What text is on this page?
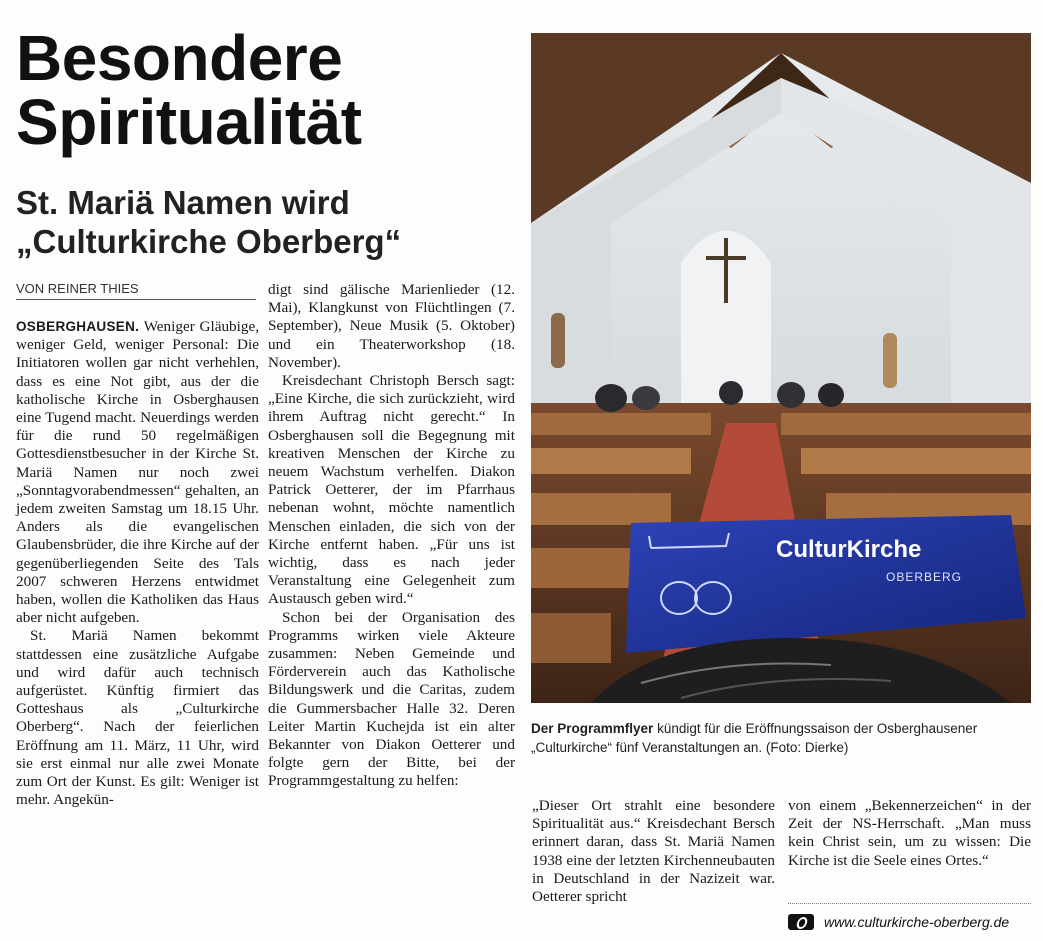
Besondere
Spiritualität
St. Mariä Namen wird
„Culturkirche Oberberg“
VON REINER THIES

OSBERGHAUSEN. Weniger Gläubige, weniger Geld, weniger Personal: Die Initiatoren wollen gar nicht verhehlen, dass es eine Not gibt, aus der die katholische Kirche in Osberghausen eine Tugend macht. Neuerdings werden für die rund 50 regelmäßigen Gottesdienstbesucher in der Kirche St. Mariä Namen nur noch zwei „Sonntagvorabendmessen“ gehalten, an jedem zweiten Samstag um 18.15 Uhr. Anders als die evangelischen Glaubensbrüder, die ihre Kirche auf der gegenüberliegenden Seite des Tals 2007 schweren Herzens entwidmet haben, wollen die Katholiken das Haus aber nicht aufgeben.

St. Mariä Namen bekommt stattdessen eine zusätzliche Aufgabe und wird dafür auch technisch aufgerüstet. Künftig firmiert das Gotteshaus als „Culturkirche Oberberg“. Nach der feierlichen Eröffnung am 11. März, 11 Uhr, wird sie erst einmal nur alle zwei Monate zum Ort der Kunst. Es gilt: Weniger ist mehr. Angekün-

digt sind gälische Marienlieder (12. Mai), Klangkunst von Flüchtlingen (7. September), Neue Musik (5. Oktober) und ein Theaterworkshop (18. November).

Kreisdechant Christoph Bersch sagt: „Eine Kirche, die sich zurückzieht, wird ihrem Auftrag nicht gerecht.“ In Osberghausen soll die Begegnung mit kreativen Menschen der Kirche zu neuem Wachstum verhelfen. Diakon Patrick Oetterer, der im Pfarrhaus nebenan wohnt, möchte namentlich Menschen einladen, die sich von der Kirche entfernt haben. „Für uns ist wichtig, dass es nach jeder Veranstaltung eine Gelegenheit zum Austausch geben wird.“

Schon bei der Organisation des Programms wirken viele Akteure zusammen: Neben Gemeinde und Förderverein auch das Katholische Bildungswerk und die Caritas, zudem die Gummersbacher Halle 32. Deren Leiter Martin Kuchejda ist ein alter Bekannter von Diakon Oetterer und folgte gern der Bitte, bei der Programmgestaltung zu helfen:

CulturKirche
OBERBERG
Der Programmflyer kündigt für die Eröffnungssaison der Osberghausener „Culturkirche“ fünf Veranstaltungen an. (Foto: Dierke)

„Dieser Ort strahlt eine besondere Spiritualität aus.“ Kreisdechant Bersch erinnert daran, dass St. Mariä Namen 1938 eine der letzten Kirchenneubauten in Deutschland in der Nazizeit war. Oetterer spricht

von einem „Bekennerzeichen“ in der Zeit der NS-Herrschaft. „Man muss kein Christ sein, um zu wissen: Die Kirche ist die Seele eines Ortes.“

www.culturkirche-oberberg.de
